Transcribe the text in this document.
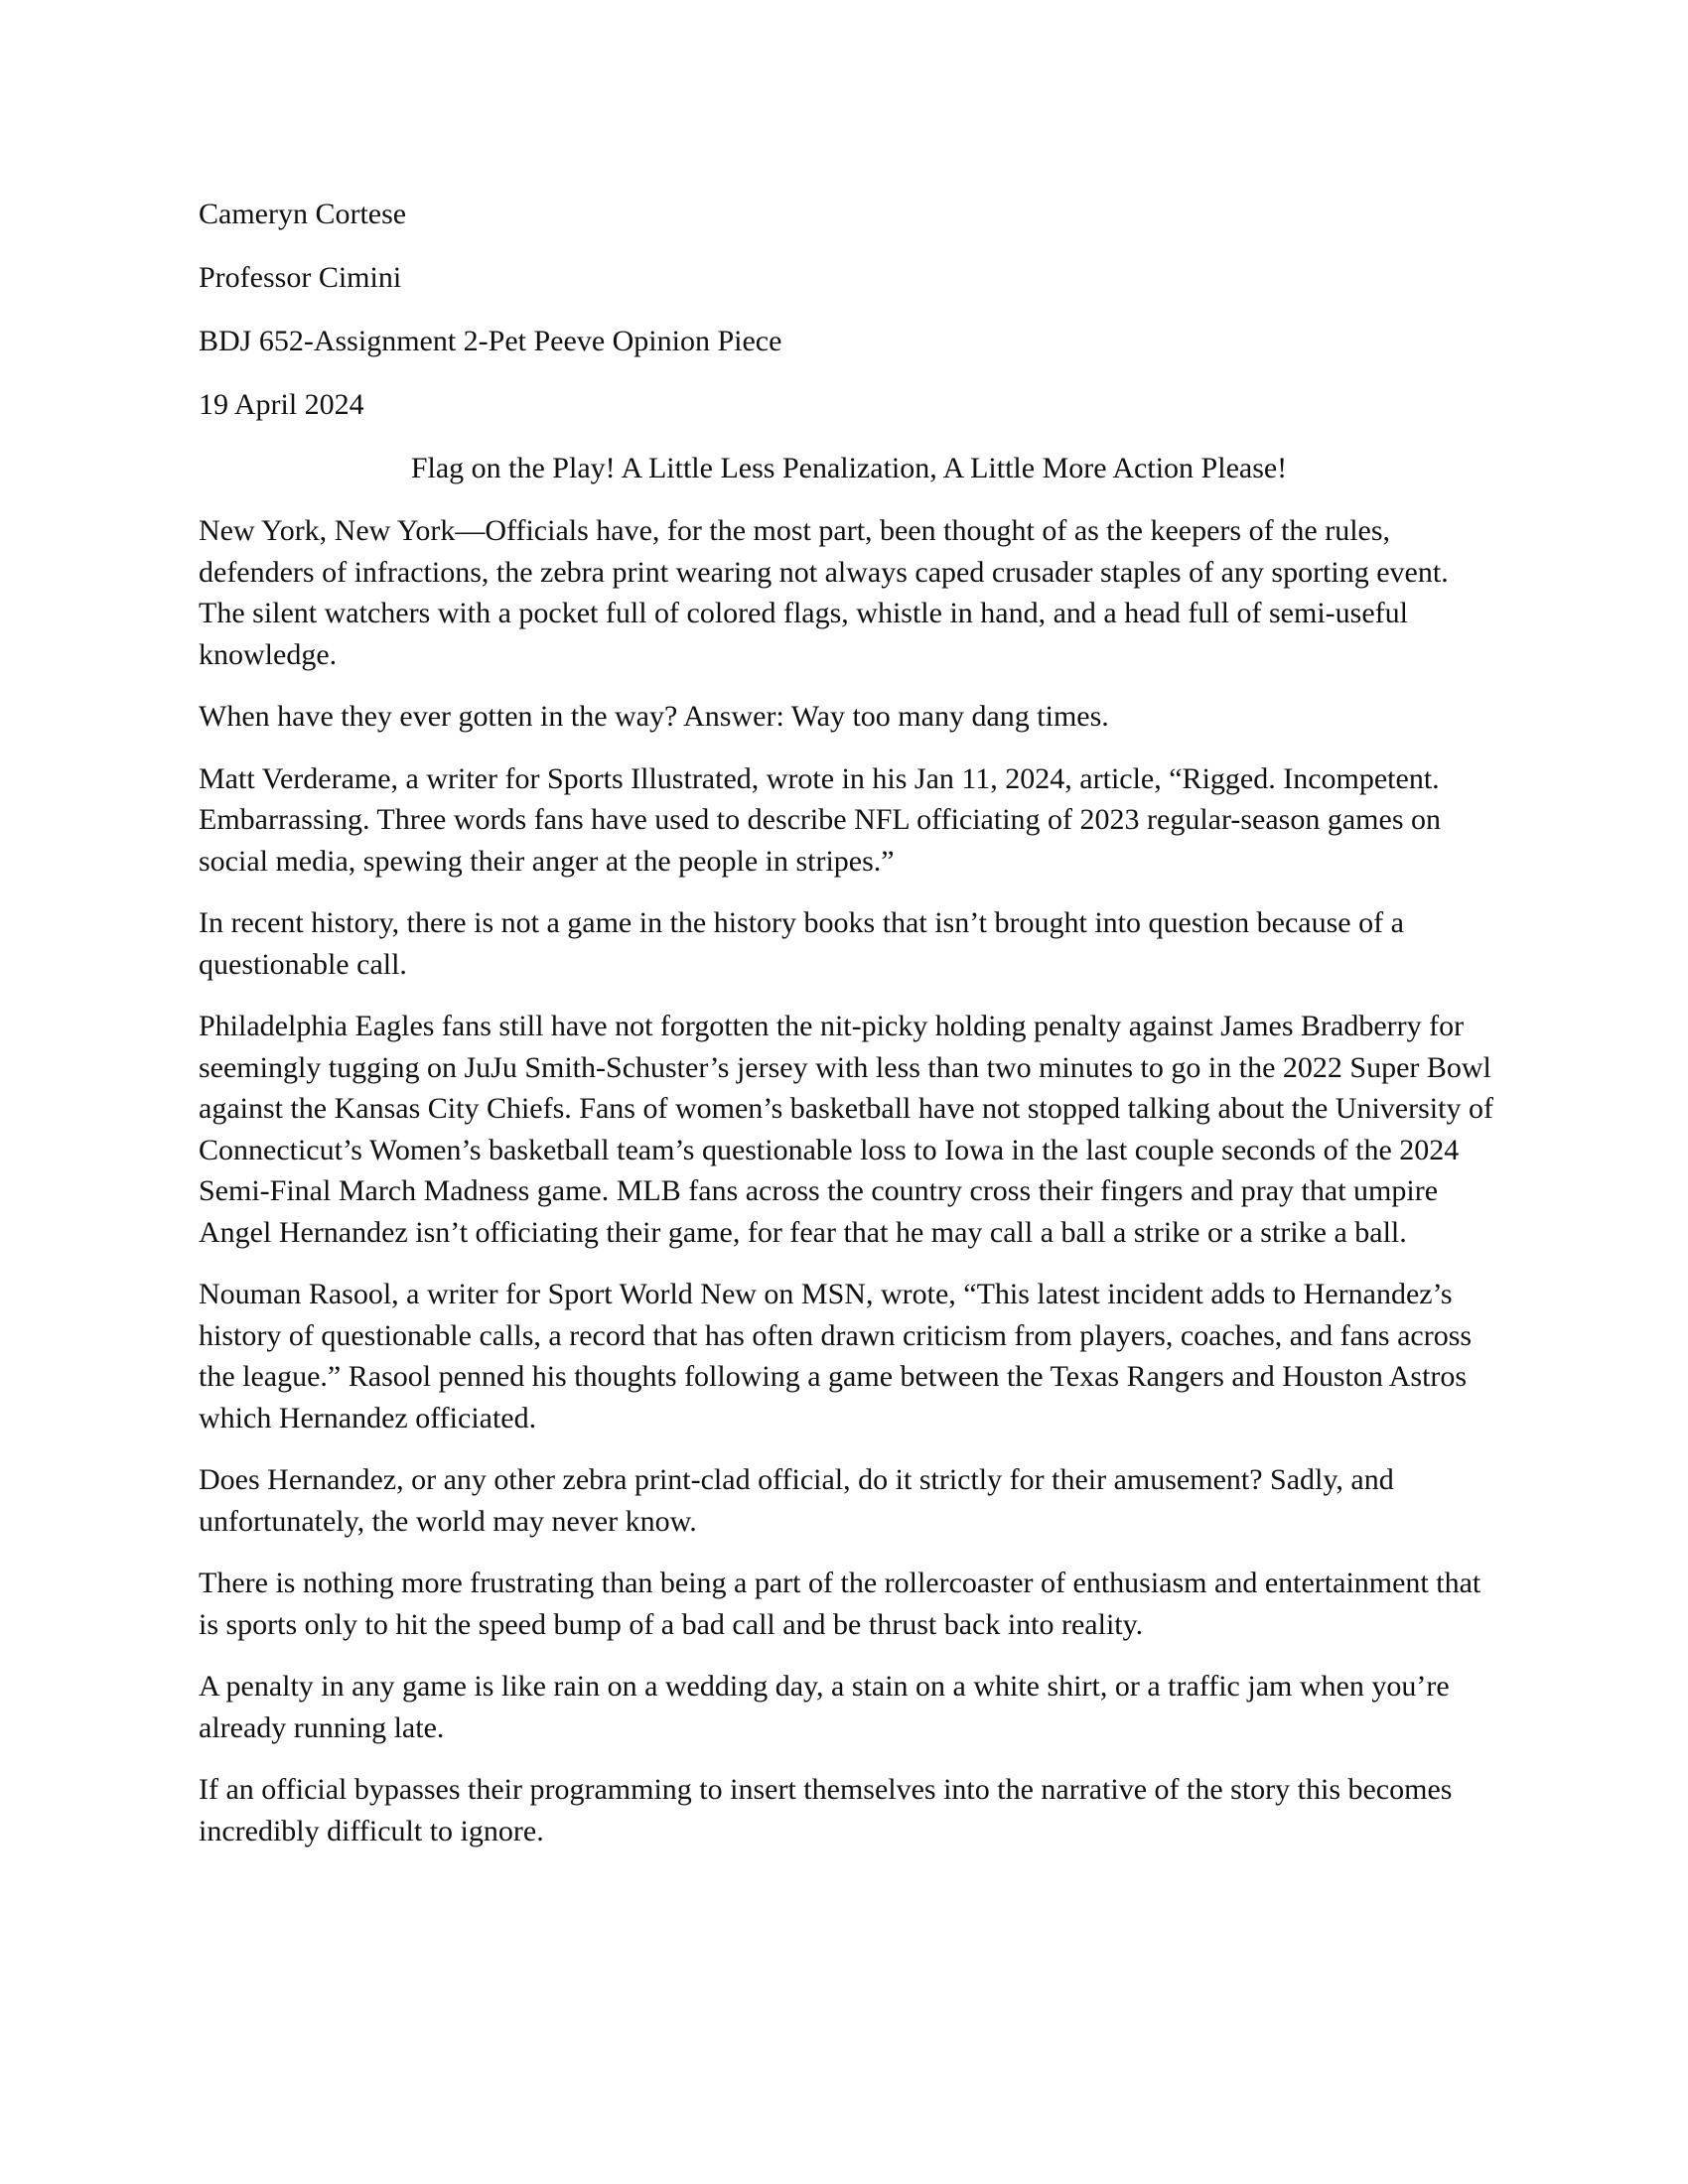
Cameryn Cortese
Professor Cimini
BDJ 652-Assignment 2-Pet Peeve Opinion Piece
19 April 2024
Flag on the Play! A Little Less Penalization, A Little More Action Please!

New York, New York—Officials have, for the most part, been thought of as the keepers of the rules, defenders of infractions, the zebra print wearing not always caped crusader staples of any sporting event. The silent watchers with a pocket full of colored flags, whistle in hand, and a head full of semi-useful knowledge.

When have they ever gotten in the way? Answer: Way too many dang times.

Matt Verderame, a writer for Sports Illustrated, wrote in his Jan 11, 2024, article, “Rigged. Incompetent. Embarrassing. Three words fans have used to describe NFL officiating of 2023 regular-season games on social media, spewing their anger at the people in stripes.”

In recent history, there is not a game in the history books that isn’t brought into question because of a questionable call.

Philadelphia Eagles fans still have not forgotten the nit-picky holding penalty against James Bradberry for seemingly tugging on JuJu Smith-Schuster’s jersey with less than two minutes to go in the 2022 Super Bowl against the Kansas City Chiefs. Fans of women’s basketball have not stopped talking about the University of Connecticut’s Women’s basketball team’s questionable loss to Iowa in the last couple seconds of the 2024 Semi-Final March Madness game. MLB fans across the country cross their fingers and pray that umpire Angel Hernandez isn’t officiating their game, for fear that he may call a ball a strike or a strike a ball.

Nouman Rasool, a writer for Sport World New on MSN, wrote, “This latest incident adds to Hernandez’s history of questionable calls, a record that has often drawn criticism from players, coaches, and fans across the league.” Rasool penned his thoughts following a game between the Texas Rangers and Houston Astros which Hernandez officiated.

Does Hernandez, or any other zebra print-clad official, do it strictly for their amusement? Sadly, and unfortunately, the world may never know.

There is nothing more frustrating than being a part of the rollercoaster of enthusiasm and entertainment that is sports only to hit the speed bump of a bad call and be thrust back into reality.

A penalty in any game is like rain on a wedding day, a stain on a white shirt, or a traffic jam when you’re already running late.

If an official bypasses their programming to insert themselves into the narrative of the story this becomes incredibly difficult to ignore.
